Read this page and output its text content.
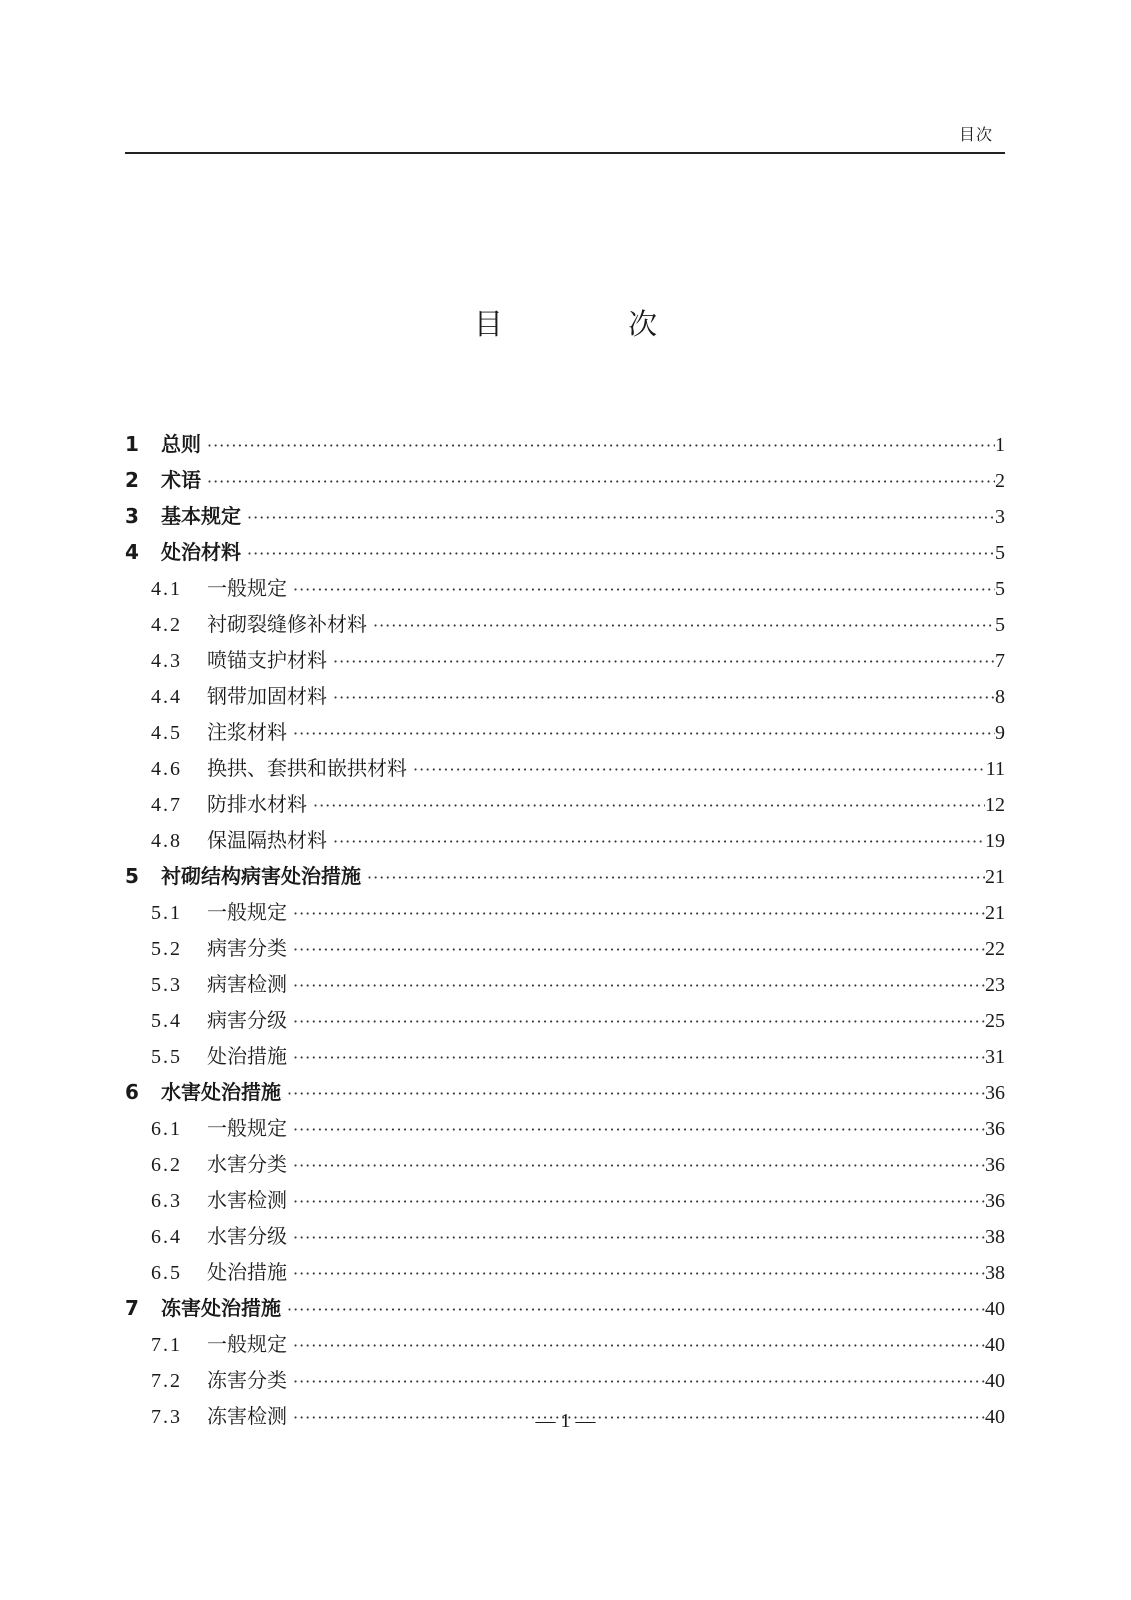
目次
目 次
1	总则 ·····	1
2	术语 ·····	2
3	基本规定 ·····	3
4	处治材料 ·····	5
4.1	一般规定 ·····	5
4.2	衬砌裂缝修补材料 ·····	5
4.3	喷锚支护材料 ·····	7
4.4	钢带加固材料 ·····	8
4.5	注浆材料 ·····	9
4.6	换拱、套拱和嵌拱材料 ·····	11
4.7	防排水材料 ·····	12
4.8	保温隔热材料 ·····	19
5	衬砌结构病害处治措施 ·····	21
5.1	一般规定 ·····	21
5.2	病害分类 ·····	22
5.3	病害检测 ·····	23
5.4	病害分级 ·····	25
5.5	处治措施 ·····	31
6	水害处治措施 ·····	36
6.1	一般规定 ·····	36
6.2	水害分类 ·····	36
6.3	水害检测 ·····	36
6.4	水害分级 ·····	38
6.5	处治措施 ·····	38
7	冻害处治措施 ·····	40
7.1	一般规定 ·····	40
7.2	冻害分类 ·····	40
7.3	冻害检测 ·····	40
— 1 —
